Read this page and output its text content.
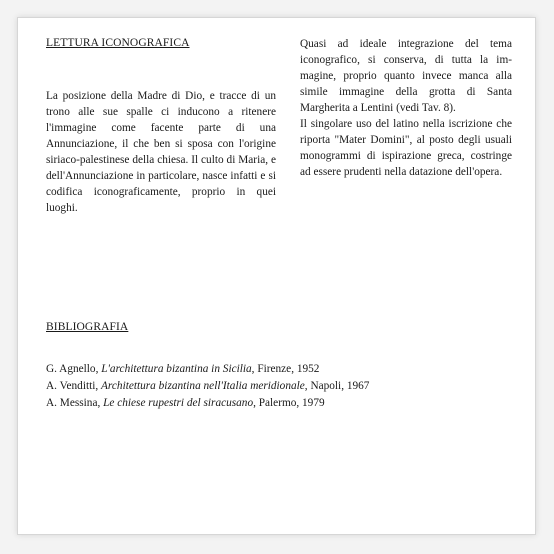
LETTURA ICONOGRAFICA

La posizione della Madre di Dio, e tracce di un trono alle sue spalle ci inducono a ritenere l'immagine come facente parte di una Annunciazione, il che ben si sposa con l'origine siriaco-palestinese della chiesa. Il culto di Maria, e dell'Annunciazione in particolare, nasce infatti e si codifica iconograficamente, proprio in quei luoghi.

Quasi ad ideale integrazione del tema iconografico, si conserva, di tutta la immagine, proprio quanto invece manca alla simile immagine della grotta di Santa Margherita a Lentini (vedi Tav. 8).

Il singolare uso del latino nella iscrizione che riporta "Mater Domini", al posto degli usuali monogrammi di ispirazione greca, costringe ad essere prudenti nella datazione dell'opera.

BIBLIOGRAFIA
G. Agnello, L'architettura bizantina in Sicilia, Firenze, 1952
A. Venditti, Architettura bizantina nell'Italia meridionale, Napoli, 1967
A. Messina, Le chiese rupestri del siracusano, Palermo, 1979
